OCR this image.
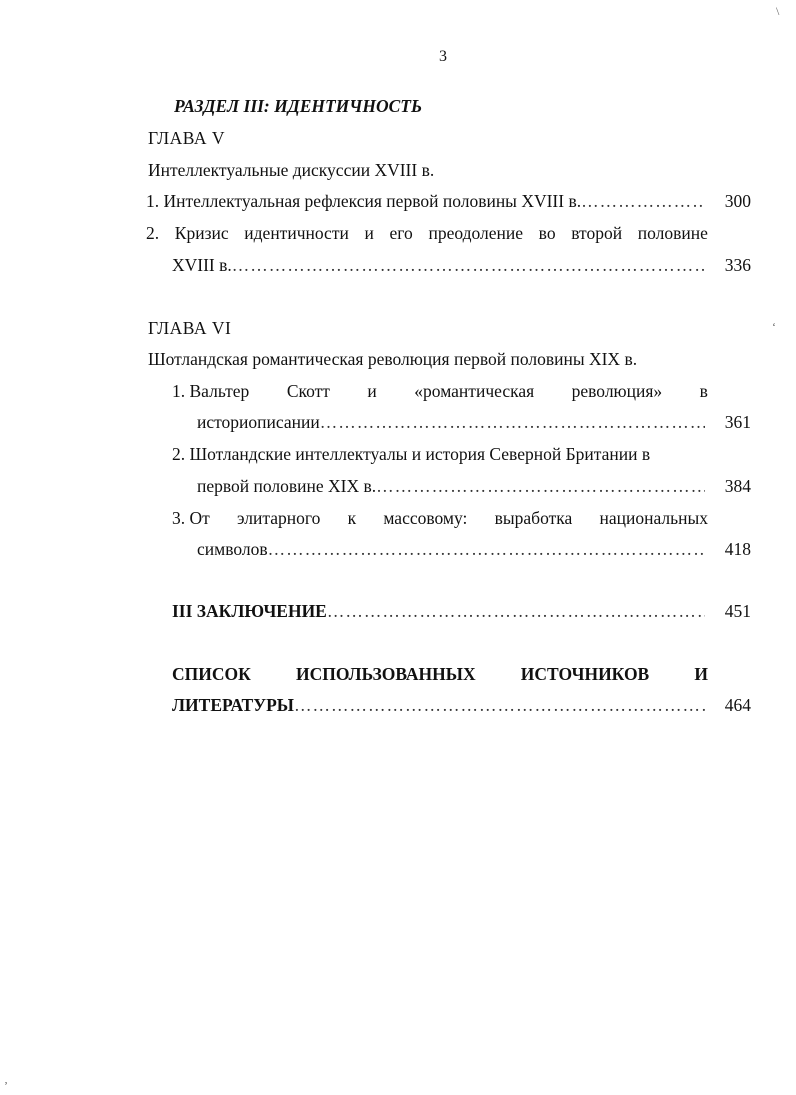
3
\
‘
‚
РАЗДЕЛ III: ИДЕНТИЧНОСТЬ
ГЛАВА V
Интеллектуальные дискуссии XVIII в.
1. Интеллектуальная рефлексия первой половины XVIII в. …………………………………………………………………………………………………………………………………………………	300
2. Кризис идентичности и его преодоление во второй половине
XVIII в. …………………………………………………………………………………………………………………………………………………	336
ГЛАВА VI
Шотландская романтическая революция первой половины XIX в.
1. Вальтер Скотт и «романтическая революция» в
историописании …………………………………………………………………………………………………………………………………………………	361
2. Шотландские интеллектуалы и история Северной Британии в
первой половине XIX в. …………………………………………………………………………………………………………………………………………………	384
3. От элитарного к массовому: выработка национальных
символов …………………………………………………………………………………………………………………………………………………	418
III ЗАКЛЮЧЕНИЕ …………………………………………………………………………………………………………………………………………………	451
СПИСОК	ИСПОЛЬЗОВАННЫХ	ИСТОЧНИКОВ	И
ЛИТЕРАТУРЫ …………………………………………………………………………………………………………………………………………………	464
